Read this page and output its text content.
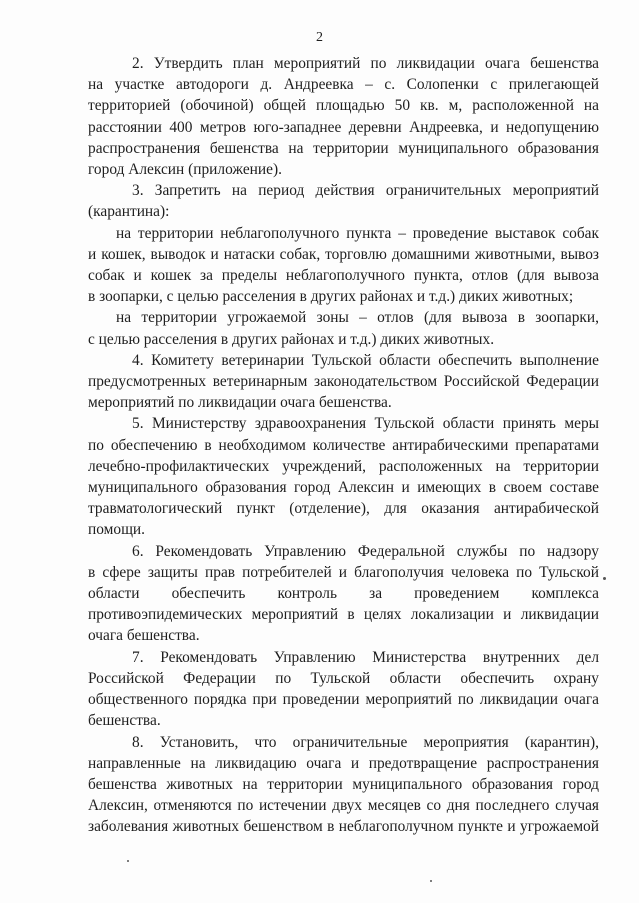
2
2. Утвердить план мероприятий по ликвидации очага бешенства
на участке автодороги д. Андреевка – с. Солопенки с прилегающей
территорией (обочиной) общей площадью 50 кв. м, расположенной на
расстоянии 400 метров юго-западнее деревни Андреевка, и недопущению
распространения бешенства на территории муниципального образования
город Алексин (приложение).
3. Запретить на период действия ограничительных мероприятий
(карантина):
на территории неблагополучного пункта – проведение выставок собак
и кошек, выводок и натаски собак, торговлю домашними животными, вывоз
собак и кошек за пределы неблагополучного пункта, отлов (для вывоза
в зоопарки, с целью расселения в других районах и т.д.) диких животных;
на территории угрожаемой зоны – отлов (для вывоза в зоопарки,
с целью расселения в других районах и т.д.) диких животных.
4. Комитету ветеринарии Тульской области обеспечить выполнение
предусмотренных ветеринарным законодательством Российской Федерации
мероприятий по ликвидации очага бешенства.
5. Министерству здравоохранения Тульской области принять меры
по обеспечению в необходимом количестве антирабическими препаратами
лечебно-профилактических учреждений, расположенных на территории
муниципального образования город Алексин и имеющих в своем составе
травматологический пункт (отделение), для оказания антирабической
помощи.
6. Рекомендовать Управлению Федеральной службы по надзору
в сфере защиты прав потребителей и благополучия человека по Тульской
области обеспечить контроль за проведением комплекса
противоэпидемических мероприятий в целях локализации и ликвидации
очага бешенства.
7. Рекомендовать Управлению Министерства внутренних дел
Российской Федерации по Тульской области обеспечить охрану
общественного порядка при проведении мероприятий по ликвидации очага
бешенства.
8. Установить, что ограничительные мероприятия (карантин),
направленные на ликвидацию очага и предотвращение распространения
бешенства животных на территории муниципального образования город
Алексин, отменяются по истечении двух месяцев со дня последнего случая
заболевания животных бешенством в неблагополучном пункте и угрожаемой
